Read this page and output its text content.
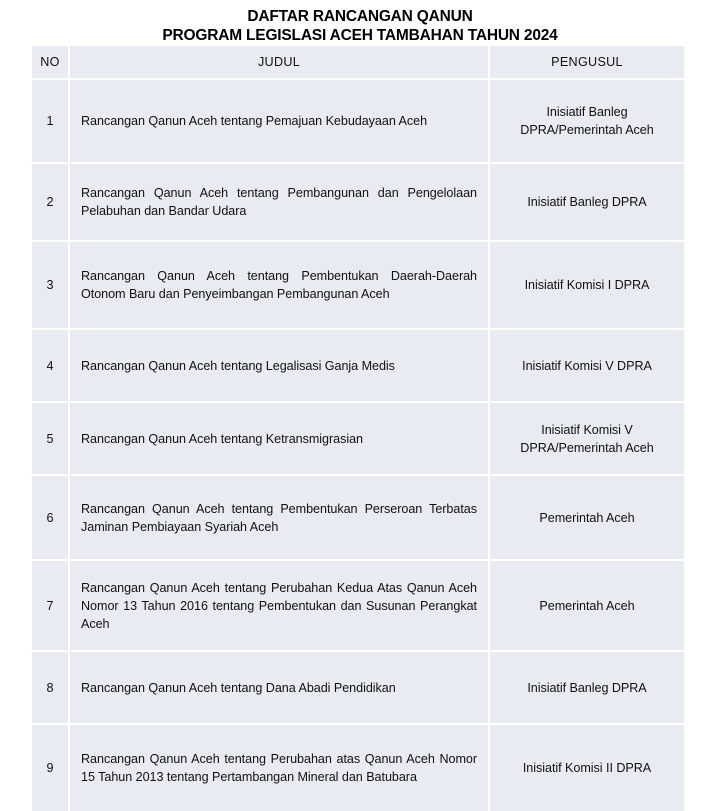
DAFTAR RANCANGAN QANUN
PROGRAM LEGISLASI ACEH TAMBAHAN TAHUN 2024
NO	JUDUL	PENGUSUL
1	Rancangan Qanun Aceh tentang Pemajuan Kebudayaan Aceh	Inisiatif Banleg DPRA/Pemerintah Aceh
2	Rancangan Qanun Aceh tentang Pembangunan dan Pengelolaan Pelabuhan dan Bandar Udara	Inisiatif Banleg DPRA
3	Rancangan Qanun Aceh tentang Pembentukan Daerah-Daerah Otonom Baru dan Penyeimbangan Pembangunan Aceh	Inisiatif Komisi I DPRA
4	Rancangan Qanun Aceh tentang Legalisasi Ganja Medis	Inisiatif Komisi V DPRA
5	Rancangan Qanun Aceh tentang Ketransmigrasian	Inisiatif Komisi V DPRA/Pemerintah Aceh
6	Rancangan Qanun Aceh tentang Pembentukan Perseroan Terbatas Jaminan Pembiayaan Syariah Aceh	Pemerintah Aceh
7	Rancangan Qanun Aceh tentang Perubahan Kedua Atas Qanun Aceh Nomor 13 Tahun 2016 tentang Pembentukan dan Susunan Perangkat Aceh	Pemerintah Aceh
8	Rancangan Qanun Aceh tentang Dana Abadi Pendidikan	Inisiatif Banleg DPRA
9	Rancangan Qanun Aceh tentang Perubahan atas Qanun Aceh Nomor 15 Tahun 2013 tentang Pertambangan Mineral dan Batubara	Inisiatif Komisi II DPRA
